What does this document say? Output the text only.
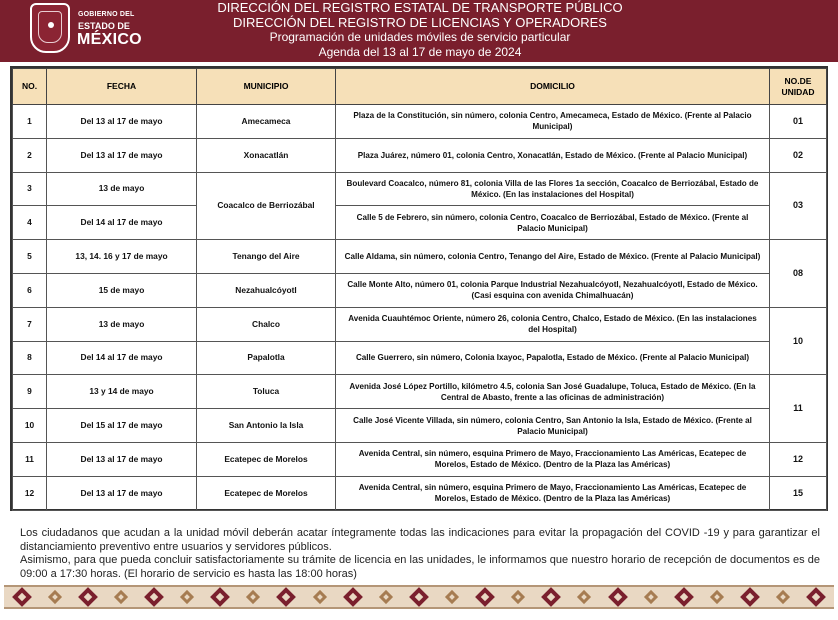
GOBIERNO DEL
ESTADO DE
MÉXICO
DIRECCIÓN DEL REGISTRO ESTATAL DE TRANSPORTE PÚBLICO
DIRECCIÓN DEL REGISTRO DE LICENCIAS Y OPERADORES
Programación de unidades móviles de servicio particular
Agenda del 13 al 17 de mayo de 2024
NO.	FECHA	MUNICIPIO	DOMICILIO	NO.DE UNIDAD
1	Del 13 al 17 de mayo	Amecameca	Plaza de la Constitución, sin número, colonia Centro, Amecameca, Estado de México. (Frente al Palacio Municipal)	01
2	Del 13 al 17 de mayo	Xonacatlán	Plaza Juárez, número 01, colonia Centro, Xonacatlán, Estado de México. (Frente al Palacio Municipal)	02
3	13 de mayo	Coacalco de Berriozábal	Boulevard Coacalco, número 81, colonia Villa de las Flores 1a sección, Coacalco de Berriozábal, Estado de México. (En las instalaciones del Hospital)	03
4	Del 14 al 17 de mayo		Calle 5 de Febrero, sin número, colonia Centro, Coacalco de Berriozábal, Estado de México. (Frente al Palacio Municipal)	
5	13, 14. 16 y 17 de mayo	Tenango del Aire	Calle Aldama, sin número, colonia Centro, Tenango del Aire, Estado de México. (Frente al Palacio Municipal)	08
6	15 de mayo	Nezahualcóyotl	Calle Monte Alto, número 01, colonia Parque Industrial Nezahualcóyotl, Nezahualcóyotl, Estado de México. (Casi esquina con avenida Chimalhuacán)	
7	13 de mayo	Chalco	Avenida Cuauhtémoc Oriente, número 26, colonia Centro, Chalco, Estado de México. (En las instalaciones del Hospital)	10
8	Del 14 al 17 de mayo	Papalotla	Calle Guerrero, sin número, Colonia Ixayoc, Papalotla, Estado de México. (Frente al Palacio Municipal)	
9	13 y 14 de mayo	Toluca	Avenida José López Portillo, kilómetro 4.5, colonia San José Guadalupe, Toluca, Estado de México. (En la Central de Abasto, frente a las oficinas de administración)	11
10	Del 15 al 17 de mayo	San Antonio la Isla	Calle José Vicente Villada, sin número, colonia Centro, San Antonio la Isla, Estado de México. (Frente al Palacio Municipal)	
11	Del 13 al 17 de mayo	Ecatepec de Morelos	Avenida Central, sin número, esquina Primero de Mayo, Fraccionamiento Las Américas, Ecatepec de Morelos, Estado de México. (Dentro de la Plaza las Américas)	12
12	Del 13 al 17 de mayo	Ecatepec de Morelos	Avenida Central, sin número, esquina Primero de Mayo, Fraccionamiento Las Américas, Ecatepec de Morelos, Estado de México. (Dentro de la Plaza las Américas)	15
Los ciudadanos que acudan a la unidad móvil deberán acatar íntegramente todas las indicaciones para evitar la propagación del COVID -19 y para garantizar el distanciamiento preventivo entre usuarios y servidores públicos.
Asimismo, para que pueda concluir satisfactoriamente su trámite de licencia en las unidades, le informamos que nuestro horario de recepción de documentos es de 09:00 a 17:30 horas. (El horario de servicio es hasta las 18:00 horas)
